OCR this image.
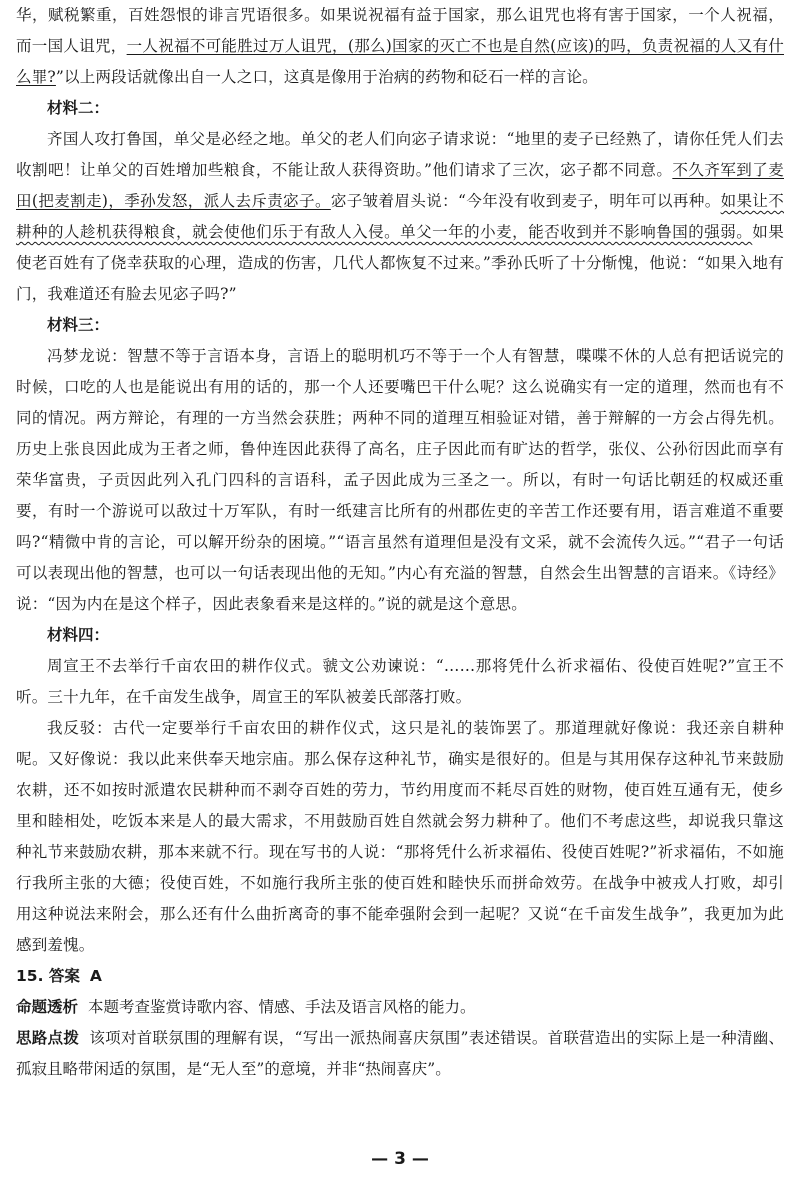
华，赋税繁重，百姓怨恨的诽言咒语很多。如果说祝福有益于国家，那么诅咒也将有害于国家，一个人祝福，而一国人诅咒，一人祝福不可能胜过万人诅咒，(那么)国家的灭亡不也是自然(应该)的吗，负责祝福的人又有什么罪?”以上两段话就像出自一人之口，这真是像用于治病的药物和砭石一样的言论。

材料二：

齐国人攻打鲁国，单父是必经之地。单父的老人们向宓子请求说：“地里的麦子已经熟了，请你任凭人们去收割吧！让单父的百姓增加些粮食，不能让敌人获得资助。”他们请求了三次，宓子都不同意。不久齐军到了麦田(把麦割走)，季孙发怒，派人去斥责宓子。宓子皱着眉头说：“今年没有收到麦子，明年可以再种。如果让不耕种的人趁机获得粮食，就会使他们乐于有敌人入侵。单父一年的小麦，能否收到并不影响鲁国的强弱。如果使老百姓有了侥幸获取的心理，造成的伤害，几代人都恢复不过来。”季孙氏听了十分惭愧，他说：“如果入地有门，我难道还有脸去见宓子吗?”

材料三：

冯梦龙说：智慧不等于言语本身，言语上的聪明机巧不等于一个人有智慧，喋喋不休的人总有把话说完的时候，口吃的人也是能说出有用的话的，那一个人还要嘴巴干什么呢？这么说确实有一定的道理，然而也有不同的情况。两方辩论，有理的一方当然会获胜；两种不同的道理互相验证对错，善于辩解的一方会占得先机。历史上张良因此成为王者之师，鲁仲连因此获得了高名，庄子因此而有旷达的哲学，张仪、公孙衍因此而享有荣华富贵，子贡因此列入孔门四科的言语科，孟子因此成为三圣之一。所以，有时一句话比朝廷的权威还重要，有时一个游说可以敌过十万军队，有时一纸建言比所有的州郡佐吏的辛苦工作还要有用，语言难道不重要吗?“精微中肯的言论，可以解开纷杂的困境。”“语言虽然有道理但是没有文采，就不会流传久远。”“君子一句话可以表现出他的智慧，也可以一句话表现出他的无知。”内心有充溢的智慧，自然会生出智慧的言语来。《诗经》说：“因为内在是这个样子，因此表象看来是这样的。”说的就是这个意思。

材料四：

周宣王不去举行千亩农田的耕作仪式。虢文公劝谏说：“……那将凭什么祈求福佑、役使百姓呢?”宣王不听。三十九年，在千亩发生战争，周宣王的军队被姜氏部落打败。

我反驳：古代一定要举行千亩农田的耕作仪式，这只是礼的装饰罢了。那道理就好像说：我还亲自耕种呢。又好像说：我以此来供奉天地宗庙。那么保存这种礼节，确实是很好的。但是与其用保存这种礼节来鼓励农耕，还不如按时派遣农民耕种而不剥夺百姓的劳力，节约用度而不耗尽百姓的财物，使百姓互通有无，使乡里和睦相处，吃饭本来是人的最大需求，不用鼓励百姓自然就会努力耕种了。他们不考虑这些，却说我只靠这种礼节来鼓励农耕，那本来就不行。现在写书的人说：“那将凭什么祈求福佑、役使百姓呢?”祈求福佑，不如施行我所主张的大德；役使百姓，不如施行我所主张的使百姓和睦快乐而拼命效劳。在战争中被戎人打败，却引用这种说法来附会，那么还有什么曲折离奇的事不能牵强附会到一起呢？又说“在千亩发生战争”，我更加为此感到羞愧。

15. 答案 A

命题透析 本题考查鉴赏诗歌内容、情感、手法及语言风格的能力。

思路点拨 该项对首联氛围的理解有误，“写出一派热闹喜庆氛围”表述错误。首联营造出的实际上是一种清幽、孤寂且略带闲适的氛围，是“无人至”的意境，并非“热闹喜庆”。

— 3 —
